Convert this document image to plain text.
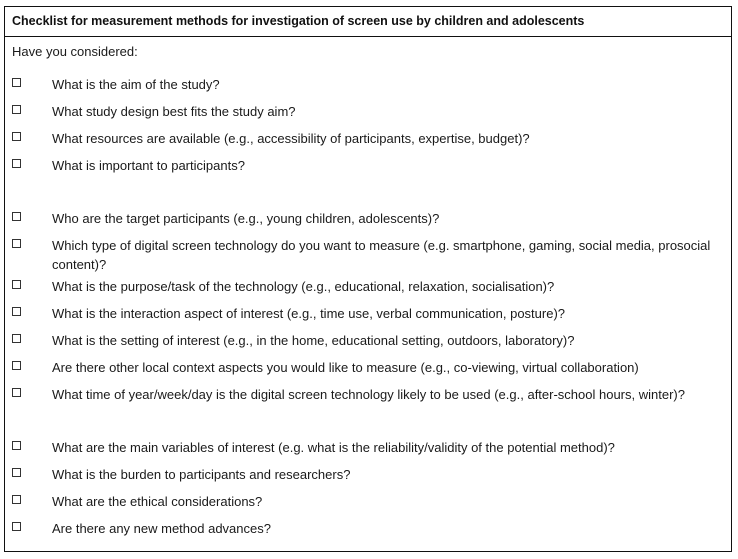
Checklist for measurement methods for investigation of screen use by children and adolescents
Have you considered:
What is the aim of the study?
What study design best fits the study aim?
What resources are available (e.g., accessibility of participants, expertise, budget)?
What is important to participants?
Who are the target participants (e.g., young children, adolescents)?
Which type of digital screen technology do you want to measure (e.g. smartphone, gaming, social media, prosocial content)?
What is the purpose/task of the technology (e.g., educational, relaxation, socialisation)?
What is the interaction aspect of interest (e.g., time use, verbal communication, posture)?
What is the setting of interest (e.g., in the home, educational setting, outdoors, laboratory)?
Are there other local context aspects you would like to measure (e.g., co-viewing, virtual collaboration)
What time of year/week/day is the digital screen technology likely to be used (e.g., after-school hours, winter)?
What are the main variables of interest (e.g. what is the reliability/validity of the potential method)?
What is the burden to participants and researchers?
What are the ethical considerations?
Are there any new method advances?
